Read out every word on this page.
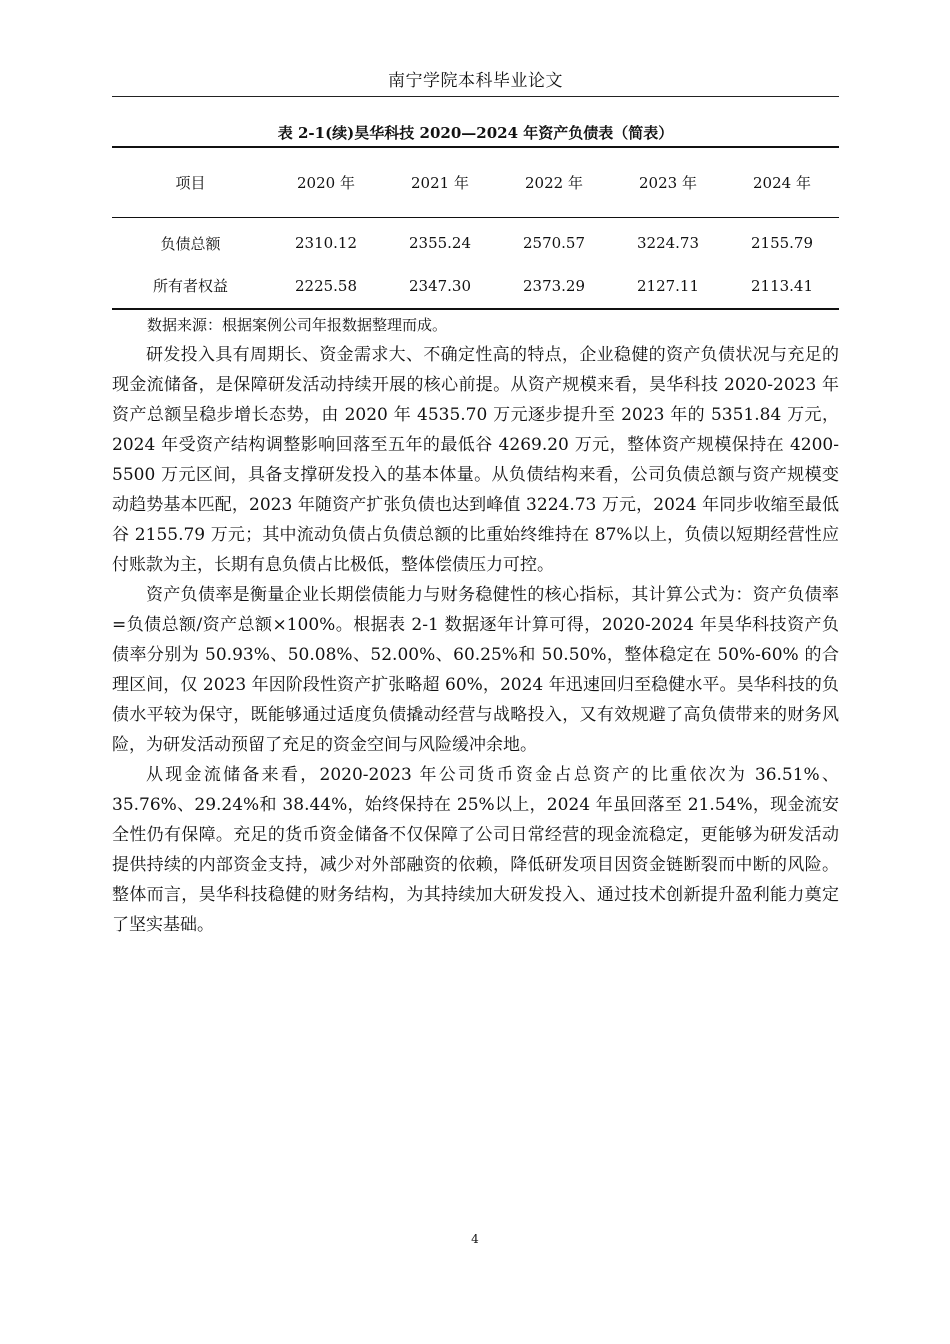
南宁学院本科毕业论文
表 2-1(续)昊华科技 2020—2024 年资产负债表（简表）
项目	2020 年	2021 年	2022 年	2023 年	2024 年
负债总额	2310.12	2355.24	2570.57	3224.73	2155.79
所有者权益	2225.58	2347.30	2373.29	2127.11	2113.41
数据来源：根据案例公司年报数据整理而成。

研发投入具有周期长、资金需求大、不确定性高的特点，企业稳健的资产负债状况与充足的现金流储备，是保障研发活动持续开展的核心前提。从资产规模来看，昊华科技 2020-2023 年资产总额呈稳步增长态势，由 2020 年 4535.70 万元逐步提升至 2023 年的 5351.84 万元，2024 年受资产结构调整影响回落至五年的最低谷 4269.20 万元，整体资产规模保持在 4200-5500 万元区间，具备支撑研发投入的基本体量。从负债结构来看，公司负债总额与资产规模变动趋势基本匹配，2023 年随资产扩张负债也达到峰值 3224.73 万元，2024 年同步收缩至最低谷 2155.79 万元；其中流动负债占负债总额的比重始终维持在 87%以上，负债以短期经营性应付账款为主，长期有息负债占比极低，整体偿债压力可控。

资产负债率是衡量企业长期偿债能力与财务稳健性的核心指标，其计算公式为：资产负债率=负债总额/资产总额×100%。根据表 2-1 数据逐年计算可得，2020-2024 年昊华科技资产负债率分别为 50.93%、50.08%、52.00%、60.25%和 50.50%，整体稳定在 50%-60% 的合理区间，仅 2023 年因阶段性资产扩张略超 60%，2024 年迅速回归至稳健水平。昊华科技的负债水平较为保守，既能够通过适度负债撬动经营与战略投入，又有效规避了高负债带来的财务风险，为研发活动预留了充足的资金空间与风险缓冲余地。

从现金流储备来看，2020-2023 年公司货币资金占总资产的比重依次为 36.51%、35.76%、29.24%和 38.44%，始终保持在 25%以上，2024 年虽回落至 21.54%，现金流安全性仍有保障。充足的货币资金储备不仅保障了公司日常经营的现金流稳定，更能够为研发活动提供持续的内部资金支持，减少对外部融资的依赖，降低研发项目因资金链断裂而中断的风险。整体而言，昊华科技稳健的财务结构，为其持续加大研发投入、通过技术创新提升盈利能力奠定了坚实基础。

4
